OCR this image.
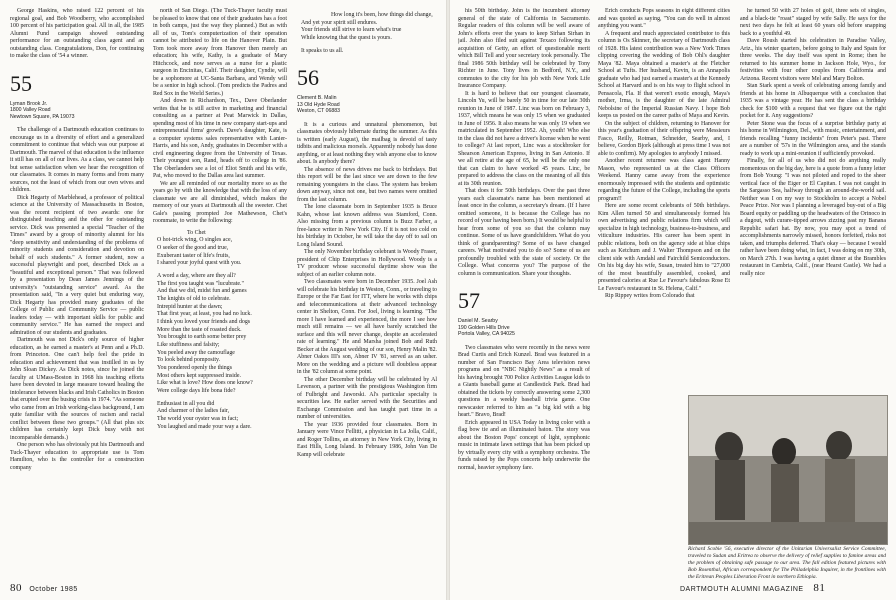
George Haskins, who raised 122 percent of his regional goal, and Bob Woodberry, who accomplished 100 percent of his participation goal. All in all, the 1985 Alumni Fund campaign showed outstanding performance for an outstanding class agent and an outstanding class. Congratulations, Don, for continuing to make the class of '54 a winner.

55
Lyman Brook Jr.
1800 Valley Road
Newtown Square, PA 19073

The challenge of a Dartmouth education continues to encourage us in a diversity of effort and a generalized commitment to continue that which was our purpose at Dartmouth. The marvel of that education is the influence it still has on all of our lives. As a class, we cannot help but sense satisfaction when we hear the recognition of our classmates. It comes in many forms and from many sources, not the least of which from our own wives and children.

Dick Hegarty of Marblehead, a professor of political science at the University of Massachusetts in Boston, was the recent recipient of two awards: one for distinguished teaching and the other for outstanding service. Dick was presented a special "Teacher of the Times" award by a group of minority alumni for his "deep sensitivity and understanding of the problems of minority students and consideration and devotion on behalf of such students." A former student, now a successful playwright and poet, described Dick as a "beautiful and exceptional person." That was followed by a presentation by Dean James Jennings of the university's "outstanding service" award. As the presentation said, "In a very quiet but enduring way, Dick Hegarty has provided many graduates of the College of Public and Community Service — public leaders today — with important skills for public and community service." He has earned the respect and admiration of our students and graduates.

Dartmouth was not Dick's only source of higher education, as he earned a master's at Penn and a Ph.D. from Princeton. One can't help feel the pride in education and achievement that was instilled in us by John Sloan Dickey. As Dick notes, since he joined the faculty at UMass-Boston in 1968 his teaching efforts have been devoted in large measure toward healing the intolerance between blacks and Irish Catholics in Boston that erupted over the busing crisis in 1974. "As someone who came from an Irish working-class background, I am quite familiar with the sources of racism and racial conflict between these two groups." (All that plus six children has certainly kept Dick busy with not incomparable demands.)

One person who has obviously put his Dartmouth and Tuck-Thayer education to appropriate use is Tom Hamilton, who is the controller for a construction company

north of San Diego. (The Tuck-Thayer faculty must be pleased to know that one of their graduates has a foot in both camps, just the way they planned.) But as with all of us, Tom's computerization of their operation cannot be attributed to life on the Hanover Plain. But Tom took more away from Hanover then merely an education; his wife, Kathy, is a graduate of Mary Hitchcock, and now serves as a nurse for a plastic surgeon in Encinitas, Calif. Their daughter, Cyndie, will be a sophomore at UC-Santa Barbara, and Wendy will be a senior in high school. (Tom predicts the Padres and Red Sox in the World Series.)

And down in Richardson, Tex., Dave Oberlander writes that he is still active in marketing and financial consulting as a partner at Peat Marwick in Dallas, spending most of his time in new company start-ups and entrepreneurial firms' growth. Dave's daughter, Kate, is a computer systems sales representative with Lanier-Harris, and his son, Andy, graduates in December with a civil engineering degree from the University of Texas. Their youngest son, Rand, heads off to college in '86. The Oberlanders see a lot of Eliot Smith and his wife, Pat, who moved to the Dallas area last summer.

We are all reminded of our mortality more so as the years go by with the knowledge that with the loss of any classmate we are all diminished, which makes the memory of our years at Dartmouth all the sweeter. Chet Gale's passing prompted Joe Mathewson, Chet's roommate, to write the following:

To Chet
O hot-trick wing, O singles ace,
O seeker of the good and true,
Exuberant taster of life's fruits,
I shared your joyful quest with you.
A word a day, where are they all?
The first you taught was "lucubrate."
And that we did, midst fun and games
The knights of old to celebrate.
Intrepid hunter at the dawn;
That first year, at least, you had no luck.
I think you loved your friends and dogs
More than the taste of roasted duck.
You brought to earth some better prey
Like stuffiness and falsity;
You peeled away the camouflage
To look behind pomposity.
You pondered openly the things
Most others kept suppressed inside.
Like what is love? How does one know?
Were college days life bona fide?
Enthusiast in all you did
And charmer of the ladies fair,
The world your oyster was in fact;
You laughed and made your way a dare.
How long it's been, how things did change,
And yet your spirit still endures.
Your friends still strive to learn what's true
While knowing that the quest is yours.
It speaks to us all.
56
Clement B. Malin
13 Old Hyde Road
Weston, CT 06883

It is a curious and unnatural phenomenon, but classmates obviously hibernate during the summer. As this is written (early August), the mailbag is devoid of tasty tidbits and malicious morsels. Apparently nobody has done anything, or at least nothing they wish anyone else to know about. Is anybody there?

The absence of news drives me back to birthdays. But this report will be the last since we are down to the few remaining youngsters in the class. The system has broken down anyway, since not one, but two names were omitted from the last column.

The lone classmate born in September 1935 is Bruce Kahn, whose last known address was Stamford, Conn. Also missing from a previous column is Buzz Farber, a free-lance writer in New York City. If it is not too cold on his birthday in October, he will take the day off to sail on Long Island Sound.

The only November birthday celebrant is Woody Fraser, president of Chip Enterprises in Hollywood. Woody is a TV producer whose successful daytime show was the subject of an earlier column note.

Two classmates were born in December 1935. Joel Ash will celebrate his birthday in Weston, Conn., or traveling to Europe or the Far East for ITT, where he works with chips and telecommunications at their advanced technology center in Shelton, Conn. For Joel, living is learning. "The more I have learned and experienced, the more I see how much still remains — we all have barely scratched the surface and this will never change, despite an accelerated rate of learning." He and Marsha joined Bob and Ruth Becker at the August wedding of our son, Henry Malin '82. Abner Oakes III's son, Abner IV '81, served as an usher. More on the wedding and a picture will doubtless appear in the '82 column at some point.

The other December birthday will be celebrated by Al Levenson, a partner with the prestigious Washington firm of Fulbright and Jaworski. Al's particular specialty is securities law. He earlier served with the Securities and Exchange Commission and has taught part time in a number of universities.

The year 1936 provided four classmates. Born in January were Vince Fellitti, a physician in La Jolla, Calif., and Roger Tollins, an attorney in New York City, living in East Hills, Long Island. In February 1986, John Van De Kamp will celebrate

80 October 1985

his 50th birthday. John is the incumbent attorney general of the state of California in Sacramento. Regular readers of this column will be well aware of John's efforts over the years to keep Sirhan Sirhan in jail. John also filed suit against Texaco following its acquisition of Getty, an effort of questionable merit which Bill Tell and your secretary took personally. The final 1986 50th birthday will be celebrated by Tony Richter in June. Tony lives in Bedford, N.Y., and commutes to the city for his job with New York Life Insurance Company.

It is hard to believe that our youngest classmate, Lincoln Yu, will be barely 50 in time for our late 30th reunion in June of 1987. Linc was born on February 3, 1937, which means he was only 15 when we graduated in June of 1956. It also means he was only 19 when we matriculated in September 1952. Ah, youth! Who else in the class did not have a driver's license when he went to college? At last report, Linc was a stockbroker for Shearson American Express, living in San Antonio. If we all retire at the age of 65, he will be the only one that can claim to have worked 45 years. Linc, be prepared to address the class on the meaning of all this at its 30th reunion.

That does it for 50th birthdays. Over the past three years each classmate's name has been mentioned at least once in the column, a secretary's dream. (If I have omitted someone, it is because the College has no record of your having been born.) It would be helpful to hear from some of you so that the column may continue. Some of us have grandchildren. What do you think of grandparenting? Some of us have changed careers. What motivated you to do so? Some of us are profoundly troubled with the state of society. Or the College. What concerns you? The purpose of the column is communication. Share your thoughts.

57
Daniel M. Searby
190 Golden Hills Drive
Portola Valley, CA 94025

Two classmates who were recently in the news were Brad Curtis and Erich Kunzel. Brad was featured in a number of San Francisco Bay Area television news programs and on "NBC Nightly News" as a result of his having brought 700 Police Activities League kids to a Giants baseball game at Candlestick Park. Brad had obtained the tickets by correctly answering some 2,300 questions in a weekly baseball trivia game. One newscaster referred to him as "a big kid with a big heart." Bravo, Brad!

Erich appeared in USA Today in living color with a flag bow tie and an illuminated baton. The story was about the Boston Pops' concept of light, symphonic music in intimate lawn settings that has been picked up by virtually every city with a symphony orchestra. The funds raised by the Pops concerts help underwrite the normal, heavier symphony fare.

Erich conducts Pops seasons in eight different cities and was quoted as saying, "You can do well in almost anything you want."

A frequent and much appreciated contributor to this column is Os Skinner, the secretary of Dartmouth class of 1928. His latest contribution was a New York Times clipping covering the wedding of Bob Ohl's daughter Maya '82. Maya obtained a master's at the Fletcher School at Tufts. Her husband, Kevin, is an Annapolis graduate who had just earned a master's at the Kennedy School at Harvard and is on his way to flight school in Pensacola, Fla. If that weren't exotic enough, Maya's mother, Irma, is the daughter of the late Admiral Nebolsine of the Imperial Russian Navy. I hope Bob keeps us posted on the career paths of Maya and Kevin.

On the subject of children, returning to Hanover for this year's graduation of their offspring were Messieurs Fasco, Reilly, Rotman, Schneider, Searby, and, I believe, Gordon Bjork (although at press time I was not able to confirm). My apologies to anybody I missed.

Another recent returnee was class agent Hanny Mason, who represented us at the Class Officers Weekend. Hanny came away from the experience enormously impressed with the students and optimistic regarding the future of the College, including the sports program!!

Here are some recent celebrants of 50th birthdays. Kim Allen turned 50 and simultaneously formed his own advertising and public relations firm which will specialize in high technology, business-to-business, and viticulture industries. His career has been spent in public relations, both on the agency side at blue chips such as Ketchum and J. Walter Thompson and on the client side with Amdahl and Fairchild Semiconductors. On his big day his wife, Susan, treated him to "27,000 of the most beautifully assembled, cooked, and presented calories at Rue Le Favour's fabulous Rose Et Le Favour's restaurant in St. Helena, Calif."

Rip Rippey writes from Colorado that

he turned 50 with 27 holes of golf, three sets of singles, and a black-tie "roast" staged by wife Sally. He says for the next two days he felt at least 60 years old before snapping back to a youthful 49.

Dave Roush started his celebration in Paradise Valley, Ariz., his winter quarters, before going to Italy and Spain for three weeks. The day itself was spent in Rome; then he returned to his summer home in Jackson Hole, Wyo., for festivities with four other couples from California and Arizona. Recent visitors were Mel and Mary Bolton.

Stan Stark spent a week of celebrating among family and friends at his home in Albuquerque with a conclusion that 1935 was a vintage year. He has sent the class a birthday check for $100 with a request that we figure out the right pocket for it. Any suggestions?

Peter Stone was the focus of a surprise birthday party at his home in Wilmington, Del., with music, entertainment, and friends recalling "funny incidents" from Peter's past. There are a number of '57s in the Wilmington area, and the stands ready to work up a mini-reunion if sufficiently provoked.

Finally, for all of us who did not do anything really momentous on the big day, here is a quote from a funny letter from Bob Young: "I was not piloted and roped to the sheer vertical face of the Eiger or El Capitan. I was not caught in the Sargasso Sea, halfway through an around-the-world sail. Neither was I on my way to Stockholm to accept a Nobel Peace Prize. Nor was I planning a leveraged buy-out of a Big Board equity or paddling up the headwaters of the Orinoco in a dugout, with curare-tipped arrows zizzing past my Banana Republic safari hat. By now, you may spot a trend of accomplishments narrowly missed, honors forfeited, risks not taken, and triumphs deferred. That's okay — because I would rather have been doing what, in fact, I was doing on my 30th, on March 27th. I was having a quiet dinner at the Brambles restaurant in Cambria, Calif., (near Hearst Castle). We had a really nice

Richard Scobie '56, executive director of the Unitarian Universalist Service Committee, traveled to Sudan and Eritrea to observe the delivery of relief supplies to famine areas and the problem of obtaining safe passage to our area. The fall edition featured pictures with Bob Rosenthal, African correspondent for The Philadelphia Inquirer, in the frontlines with the Eritrean Peoples Liberation Front in northern Ethiopia.
DARTMOUTH ALUMNI MAGAZINE 81
